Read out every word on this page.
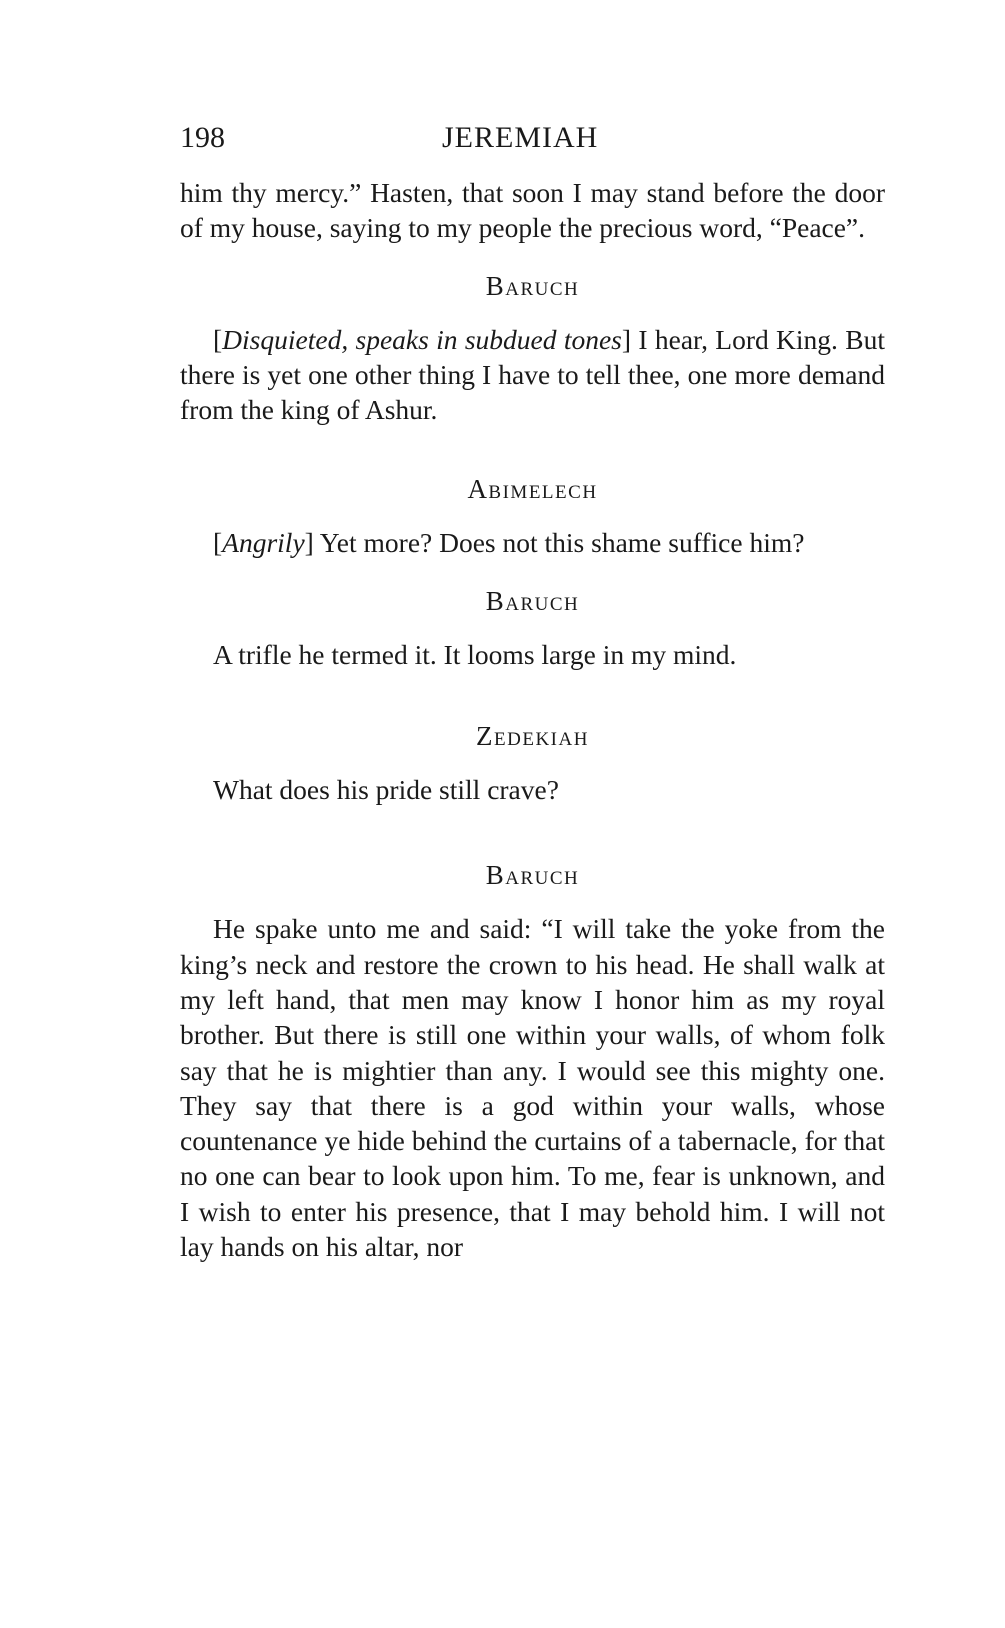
198	JEREMIAH

him thy mercy.” Hasten, that soon I may stand before the door of my house, saying to my people the precious word, “Peace”.

Baruch

[Disquieted, speaks in subdued tones] I hear, Lord King. But there is yet one other thing I have to tell thee, one more demand from the king of Ashur.

Abimelech

[Angrily] Yet more? Does not this shame suffice him?

Baruch

A trifle he termed it. It looms large in my mind.

Zedekiah

What does his pride still crave?

Baruch

He spake unto me and said: “I will take the yoke from the king’s neck and restore the crown to his head. He shall walk at my left hand, that men may know I honor him as my royal brother. But there is still one within your walls, of whom folk say that he is mightier than any. I would see this mighty one. They say that there is a god within your walls, whose countenance ye hide behind the curtains of a tabernacle, for that no one can bear to look upon him. To me, fear is unknown, and I wish to enter his presence, that I may behold him. I will not lay hands on his altar, nor
